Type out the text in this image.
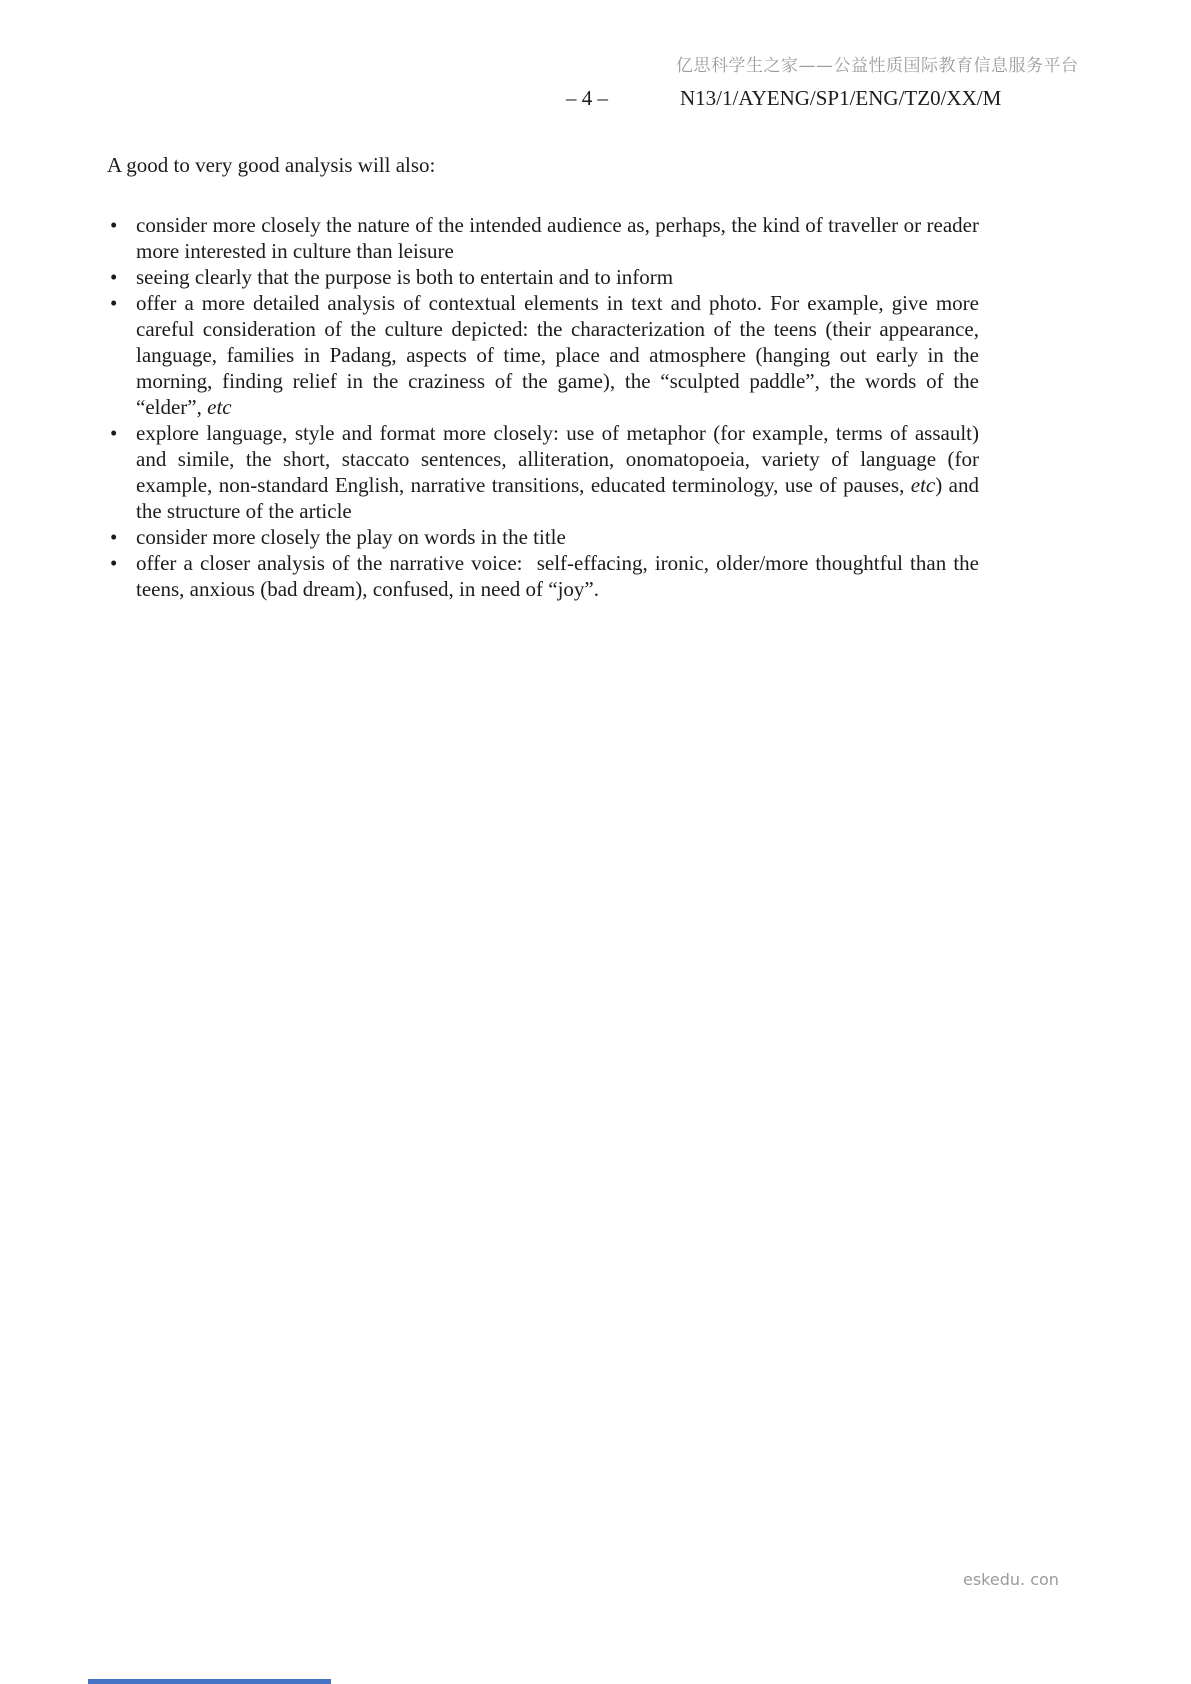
亿思科学生之家——公益性质国际教育信息服务平台
– 4 –	N13/1/AYENG/SP1/ENG/TZ0/XX/M

A good to very good analysis will also:

• consider more closely the nature of the intended audience as, perhaps, the kind of traveller or reader more interested in culture than leisure
• seeing clearly that the purpose is both to entertain and to inform
• offer a more detailed analysis of contextual elements in text and photo. For example, give more careful consideration of the culture depicted: the characterization of the teens (their appearance, language, families in Padang, aspects of time, place and atmosphere (hanging out early in the morning, finding relief in the craziness of the game), the “sculpted paddle”, the words of the “elder”, etc
• explore language, style and format more closely: use of metaphor (for example, terms of assault) and simile, the short, staccato sentences, alliteration, onomatopoeia, variety of language (for example, non-standard English, narrative transitions, educated terminology, use of pauses, etc) and the structure of the article
• consider more closely the play on words in the title
• offer a closer analysis of the narrative voice:  self-effacing, ironic, older/more thoughtful than the teens, anxious (bad dream), confused, in need of “joy”.
eskedu. con
